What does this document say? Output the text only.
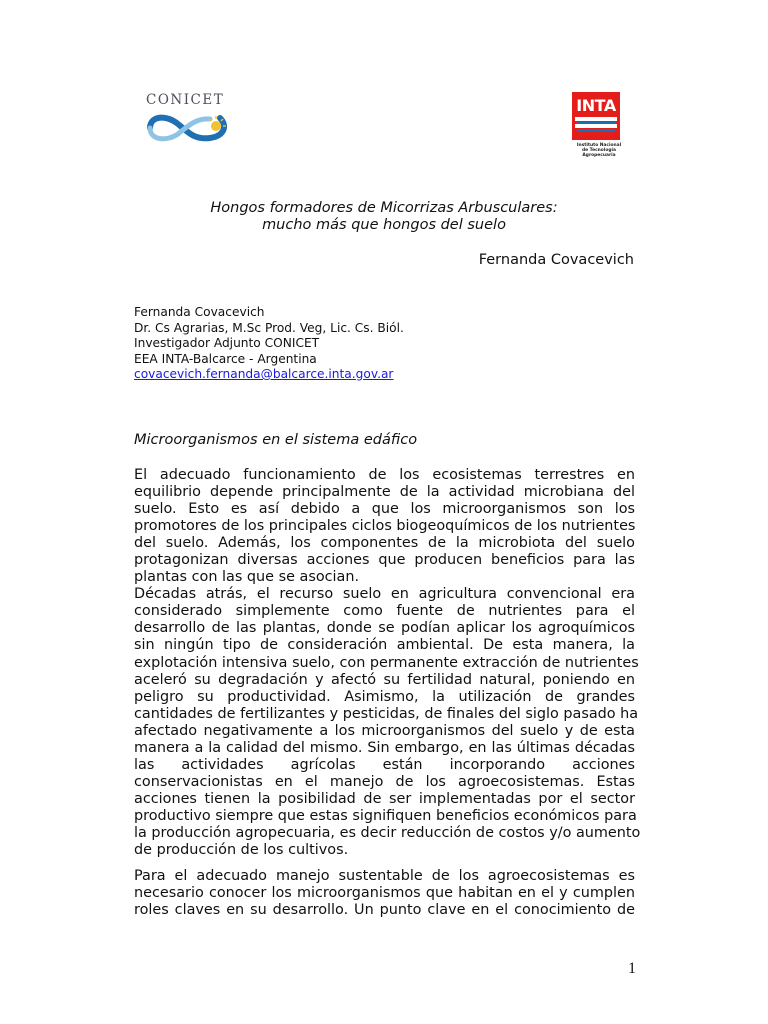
CONICET	INTA
Instituto Nacional
de Tecnología Agropecuaria
Hongos formadores de Micorrizas Arbusculares:
mucho más que hongos del suelo
Fernanda Covacevich
Fernanda Covacevich
Dr. Cs Agrarias, M.Sc Prod. Veg, Lic. Cs. Biól.
Investigador Adjunto CONICET
EEA INTA-Balcarce - Argentina
covacevich.fernanda@balcarce.inta.gov.ar
Microorganismos en el sistema edáfico
El adecuado funcionamiento de los ecosistemas terrestres en
equilibrio depende principalmente de la actividad microbiana del
suelo. Esto es así debido a que los microorganismos son los
promotores de los principales ciclos biogeoquímicos de los nutrientes
del suelo. Además, los componentes de la microbiota del suelo
protagonizan diversas acciones que producen beneficios para las
plantas con las que se asocian.
Décadas atrás, el recurso suelo en agricultura convencional era
considerado simplemente como fuente de nutrientes para el
desarrollo de las plantas, donde se podían aplicar los agroquímicos
sin ningún tipo de consideración ambiental. De esta manera, la
explotación intensiva suelo, con permanente extracción de nutrientes
aceleró su degradación y afectó su fertilidad natural, poniendo en
peligro su productividad. Asimismo, la utilización de grandes
cantidades de fertilizantes y pesticidas, de finales del siglo pasado ha
afectado negativamente a los microorganismos del suelo y de esta
manera a la calidad del mismo. Sin embargo, en las últimas décadas
las actividades agrícolas están incorporando acciones
conservacionistas en el manejo de los agroecosistemas. Estas
acciones tienen la posibilidad de ser implementadas por el sector
productivo siempre que estas signifiquen beneficios económicos para
la producción agropecuaria, es decir reducción de costos y/o aumento
de producción de los cultivos.
Para el adecuado manejo sustentable de los agroecosistemas es
necesario conocer los microorganismos que habitan en el y cumplen
roles claves en su desarrollo. Un punto clave en el conocimiento de
1
